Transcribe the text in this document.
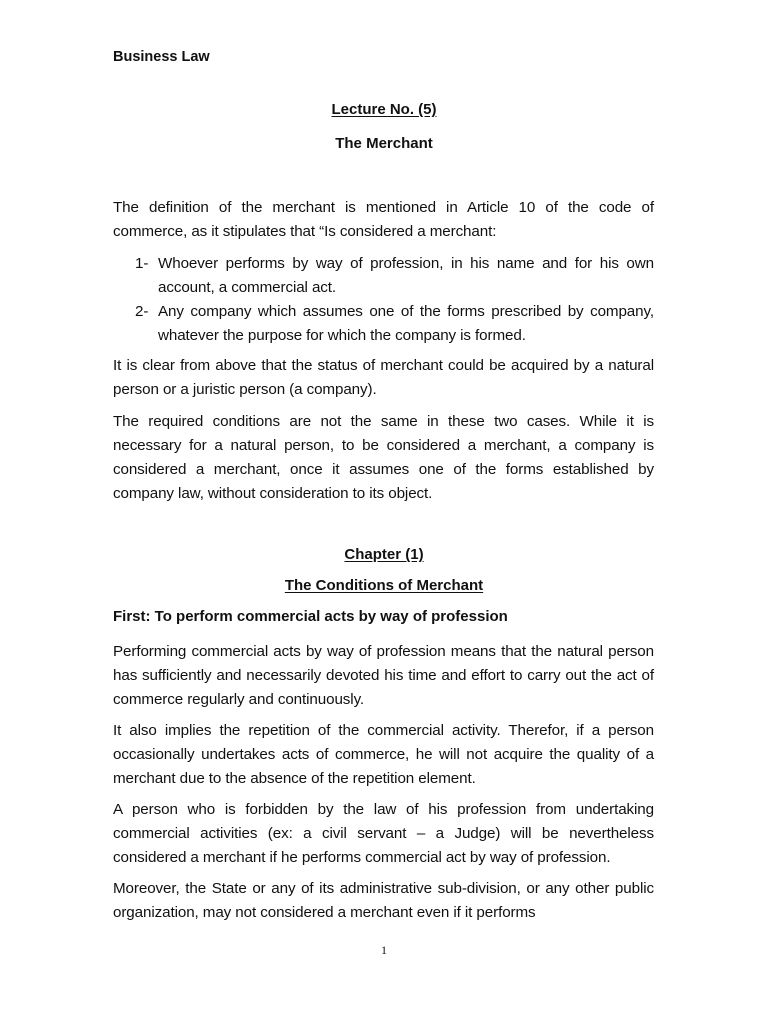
Business Law

Lecture No. (5)

The Merchant

The definition of the merchant is mentioned in Article 10 of the code of commerce, as it stipulates that “Is considered a merchant:

1- Whoever performs by way of profession, in his name and for his own account, a commercial act.
2- Any company which assumes one of the forms prescribed by company, whatever the purpose for which the company is formed.

It is clear from above that the status of merchant could be acquired by a natural person or a juristic person (a company).

The required conditions are not the same in these two cases. While it is necessary for a natural person, to be considered a merchant, a company is considered a merchant, once it assumes one of the forms established by company law, without consideration to its object.

Chapter (1)

The Conditions of Merchant

First: To perform commercial acts by way of profession

Performing commercial acts by way of profession means that the natural person has sufficiently and necessarily devoted his time and effort to carry out the act of commerce regularly and continuously.

It also implies the repetition of the commercial activity. Therefor, if a person occasionally undertakes acts of commerce, he will not acquire the quality of a merchant due to the absence of the repetition element.

A person who is forbidden by the law of his profession from undertaking commercial activities (ex: a civil servant – a Judge) will be nevertheless considered a merchant if he performs commercial act by way of profession.

Moreover, the State or any of its administrative sub-division, or any other public organization, may not considered a merchant even if it performs

1
